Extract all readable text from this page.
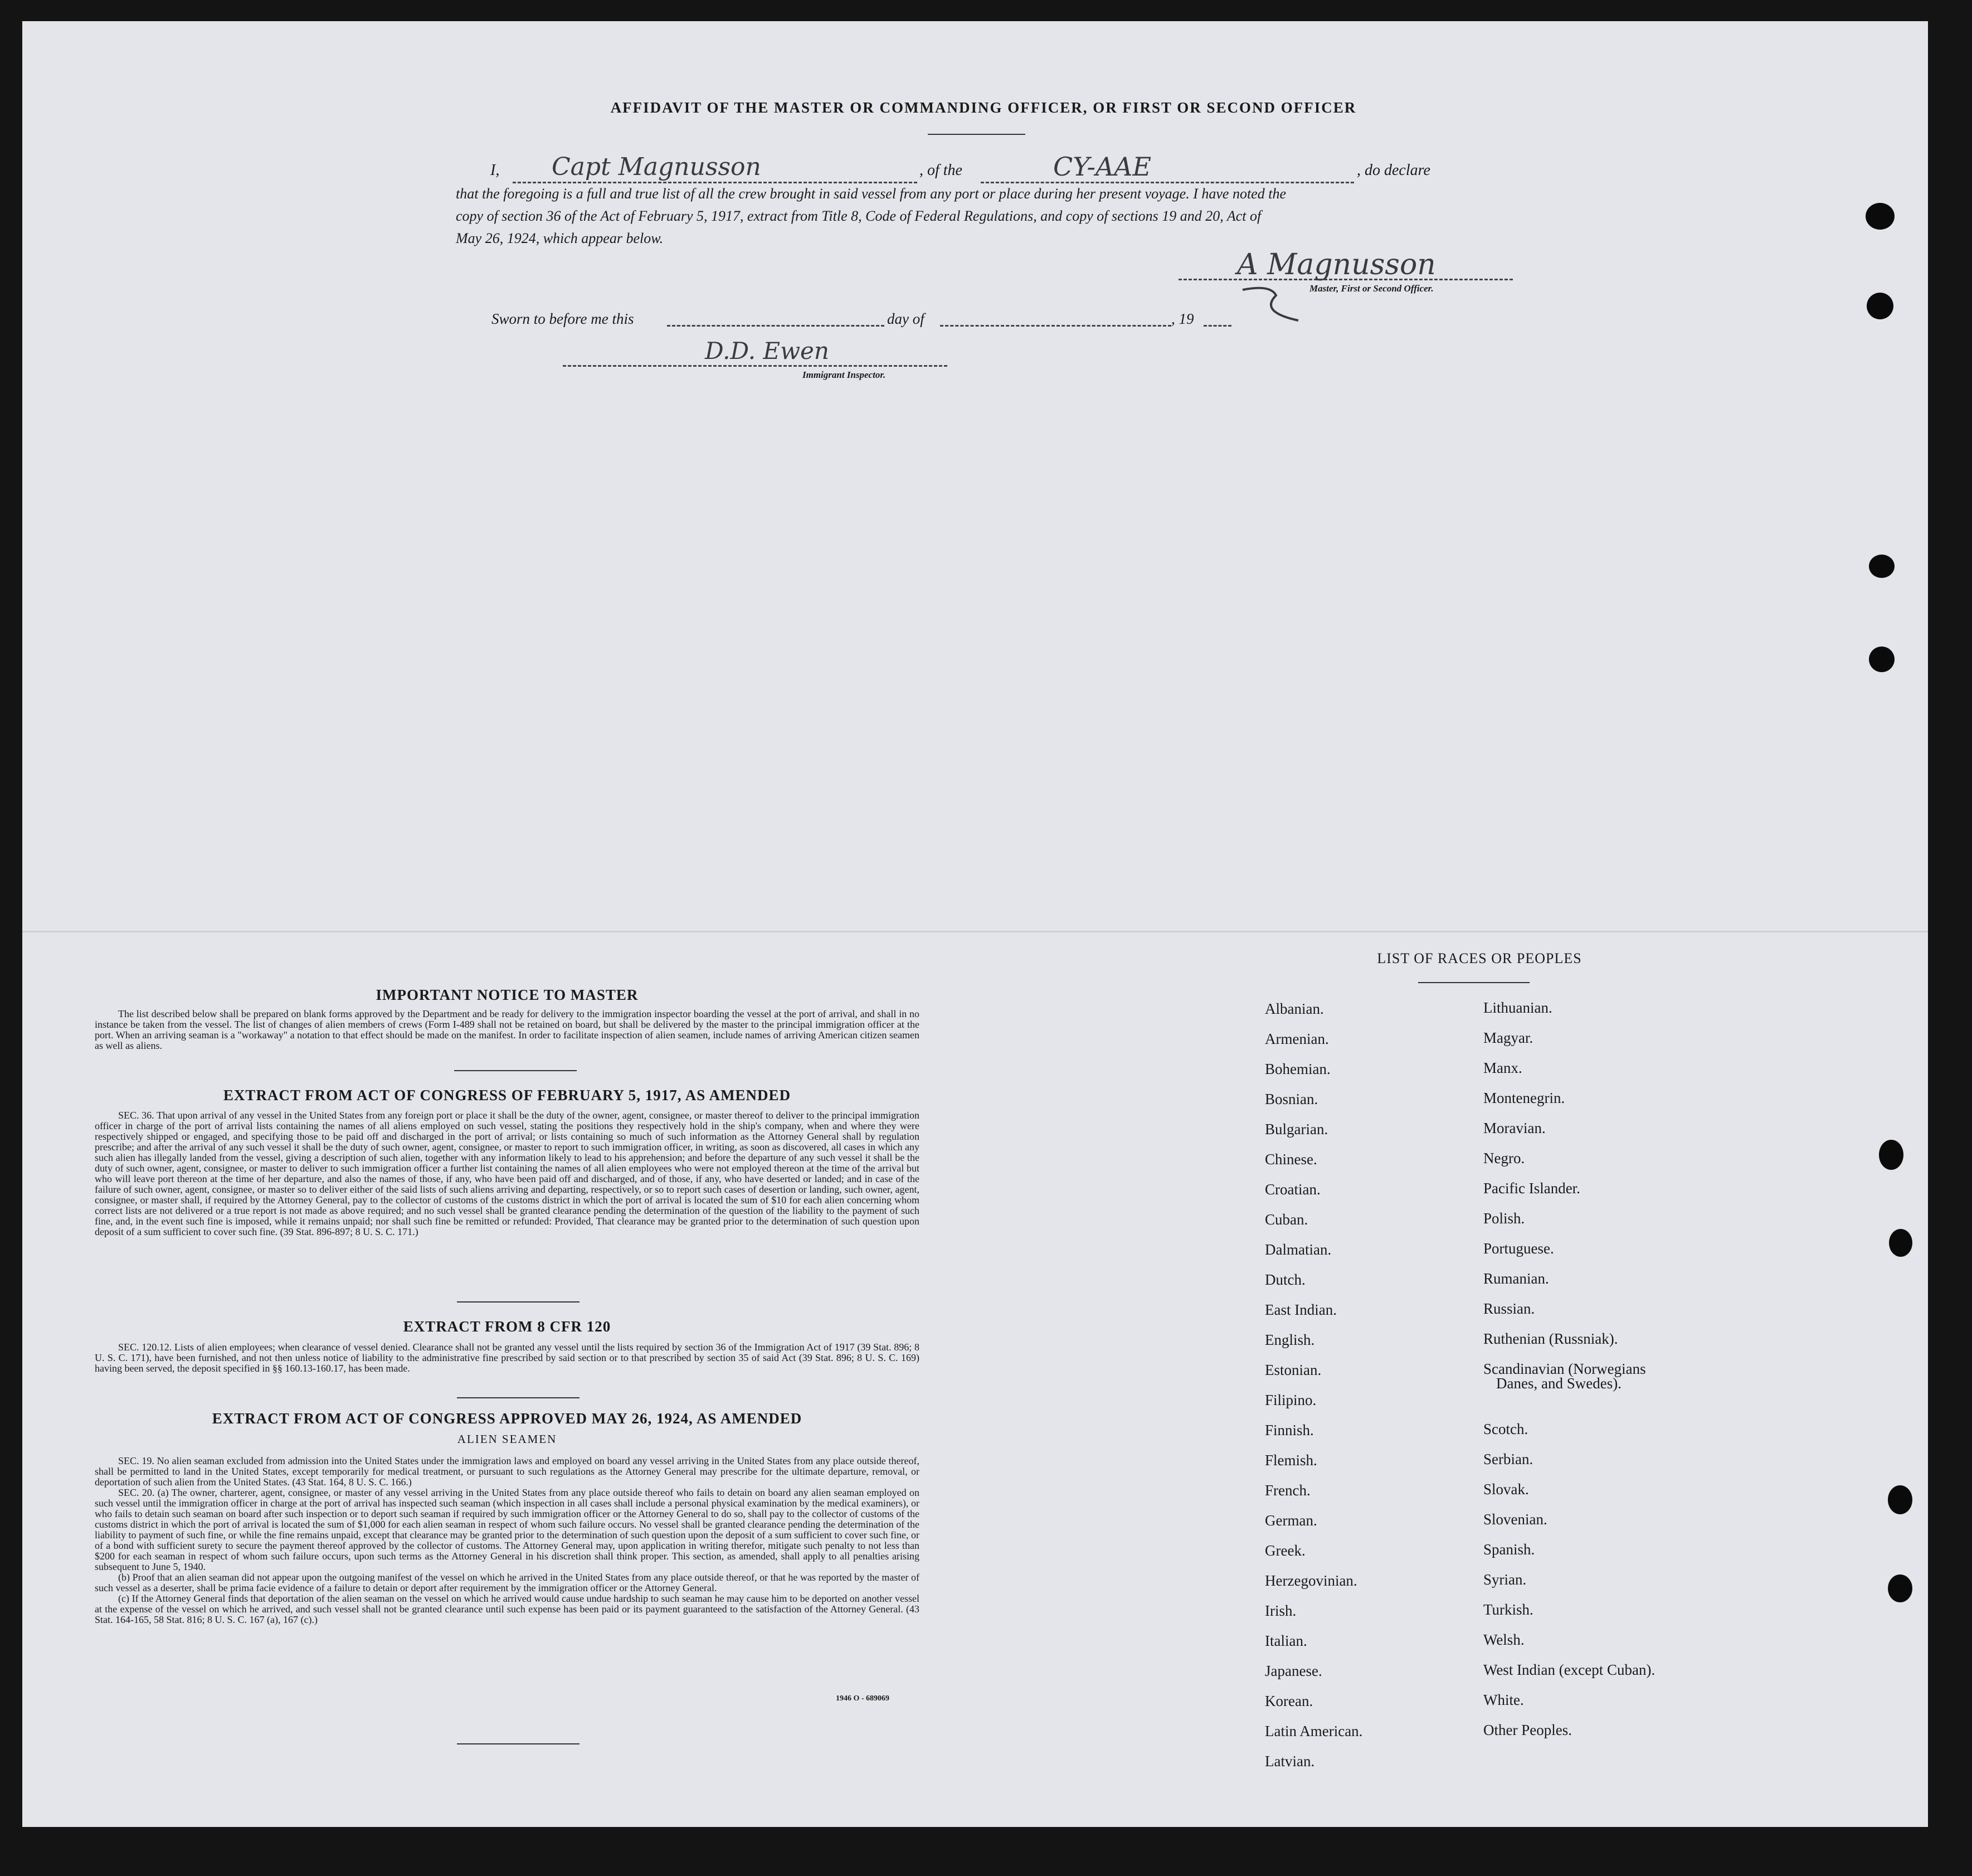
AFFIDAVIT OF THE MASTER OR COMMANDING OFFICER, OR FIRST OR SECOND OFFICER
I, Capt Magnusson	, of the	CY-AAE	, do declare
that the foregoing is a full and true list of all the crew brought in said vessel from any port or place during her present voyage. I have noted the
copy of section 36 of the Act of February 5, 1917, extract from Title 8, Code of Federal Regulations, and copy of sections 19 and 20, Act of
May 26, 1924, which appear below.
A Magnusson
Master, First or Second Officer.
Sworn to before me this	day of	, 19
D.D. Ewen
Immigrant Inspector.
IMPORTANT NOTICE TO MASTER

The list described below shall be prepared on blank forms approved by the Department and be ready for delivery to the immigration inspector boarding the vessel at the port of arrival, and shall in no instance be taken from the vessel. The list of changes of alien members of crews (Form I-489 shall not be retained on board, but shall be delivered by the master to the principal immigration officer at the port. When an arriving seaman is a "workaway" a notation to that effect should be made on the manifest. In order to facilitate inspection of alien seamen, include names of arriving American citizen seamen as well as aliens.

EXTRACT FROM ACT OF CONGRESS OF FEBRUARY 5, 1917, AS AMENDED

SEC. 36. That upon arrival of any vessel in the United States from any foreign port or place it shall be the duty of the owner, agent, consignee, or master thereof to deliver to the principal immigration officer in charge of the port of arrival lists containing the names of all aliens employed on such vessel, stating the positions they respectively hold in the ship's company, when and where they were respectively shipped or engaged, and specifying those to be paid off and discharged in the port of arrival; or lists containing so much of such information as the Attorney General shall by regulation prescribe; and after the arrival of any such vessel it shall be the duty of such owner, agent, consignee, or master to report to such immigration officer, in writing, as soon as discovered, all cases in which any such alien has illegally landed from the vessel, giving a description of such alien, together with any information likely to lead to his apprehension; and before the departure of any such vessel it shall be the duty of such owner, agent, consignee, or master to deliver to such immigration officer a further list containing the names of all alien employees who were not employed thereon at the time of the arrival but who will leave port thereon at the time of her departure, and also the names of those, if any, who have been paid off and discharged, and of those, if any, who have deserted or landed; and in case of the failure of such owner, agent, consignee, or master so to deliver either of the said lists of such aliens arriving and departing, respectively, or so to report such cases of desertion or landing, such owner, agent, consignee, or master shall, if required by the Attorney General, pay to the collector of customs of the customs district in which the port of arrival is located the sum of $10 for each alien concerning whom correct lists are not delivered or a true report is not made as above required; and no such vessel shall be granted clearance pending the determination of the question of the liability to the payment of such fine, and, in the event such fine is imposed, while it remains unpaid; nor shall such fine be remitted or refunded: Provided, That clearance may be granted prior to the determination of such question upon deposit of a sum sufficient to cover such fine. (39 Stat. 896-897; 8 U. S. C. 171.)

EXTRACT FROM 8 CFR 120

SEC. 120.12. Lists of alien employees; when clearance of vessel denied. Clearance shall not be granted any vessel until the lists required by section 36 of the Immigration Act of 1917 (39 Stat. 896; 8 U. S. C. 171), have been furnished, and not then unless notice of liability to the administrative fine prescribed by said section or to that prescribed by section 35 of said Act (39 Stat. 896; 8 U. S. C. 169) having been served, the deposit specified in §§ 160.13-160.17, has been made.

EXTRACT FROM ACT OF CONGRESS APPROVED MAY 26, 1924, AS AMENDED
ALIEN SEAMEN

SEC. 19. No alien seaman excluded from admission into the United States under the immigration laws and employed on board any vessel arriving in the United States from any place outside thereof, shall be permitted to land in the United States, except temporarily for medical treatment, or pursuant to such regulations as the Attorney General may prescribe for the ultimate departure, removal, or deportation of such alien from the United States. (43 Stat. 164, 8 U. S. C. 166.)

SEC. 20. (a) The owner, charterer, agent, consignee, or master of any vessel arriving in the United States from any place outside thereof who fails to detain on board any alien seaman employed on such vessel until the immigration officer in charge at the port of arrival has inspected such seaman (which inspection in all cases shall include a personal physical examination by the medical examiners), or who fails to detain such seaman on board after such inspection or to deport such seaman if required by such immigration officer or the Attorney General to do so, shall pay to the collector of customs of the customs district in which the port of arrival is located the sum of $1,000 for each alien seaman in respect of whom such failure occurs. No vessel shall be granted clearance pending the determination of the liability to payment of such fine, or while the fine remains unpaid, except that clearance may be granted prior to the determination of such question upon the deposit of a sum sufficient to cover such fine, or of a bond with sufficient surety to secure the payment thereof approved by the collector of customs. The Attorney General may, upon application in writing therefor, mitigate such penalty to not less than $200 for each seaman in respect of whom such failure occurs, upon such terms as the Attorney General in his discretion shall think proper. This section, as amended, shall apply to all penalties arising subsequent to June 5, 1940.

(b) Proof that an alien seaman did not appear upon the outgoing manifest of the vessel on which he arrived in the United States from any place outside thereof, or that he was reported by the master of such vessel as a deserter, shall be prima facie evidence of a failure to detain or deport after requirement by the immigration officer or the Attorney General.

(c) If the Attorney General finds that deportation of the alien seaman on the vessel on which he arrived would cause undue hardship to such seaman he may cause him to be deported on another vessel at the expense of the vessel on which he arrived, and such vessel shall not be granted clearance until such expense has been paid or its payment guaranteed to the satisfaction of the Attorney General. (43 Stat. 164-165, 58 Stat. 816; 8 U. S. C. 167 (a), 167 (c).)

1946 O - 689069
LIST OF RACES OR PEOPLES
Albanian.
Armenian.
Bohemian.
Bosnian.
Bulgarian.
Chinese.
Croatian.
Cuban.
Dalmatian.
Dutch.
East Indian.
English.
Estonian.
Filipino.
Finnish.
Flemish.
French.
German.
Greek.
Herzegovinian.
Irish.
Italian.
Japanese.
Korean.
Latin American.
Latvian.
Lithuanian.
Magyar.
Manx.
Montenegrin.
Moravian.
Negro.
Pacific Islander.
Polish.
Portuguese.
Rumanian.
Russian.
Ruthenian (Russniak).
Scandinavian (Norwegians
Danes, and Swedes).
Scotch.
Serbian.
Slovak.
Slovenian.
Spanish.
Syrian.
Turkish.
Welsh.
West Indian (except Cuban).
White.
Other Peoples.
